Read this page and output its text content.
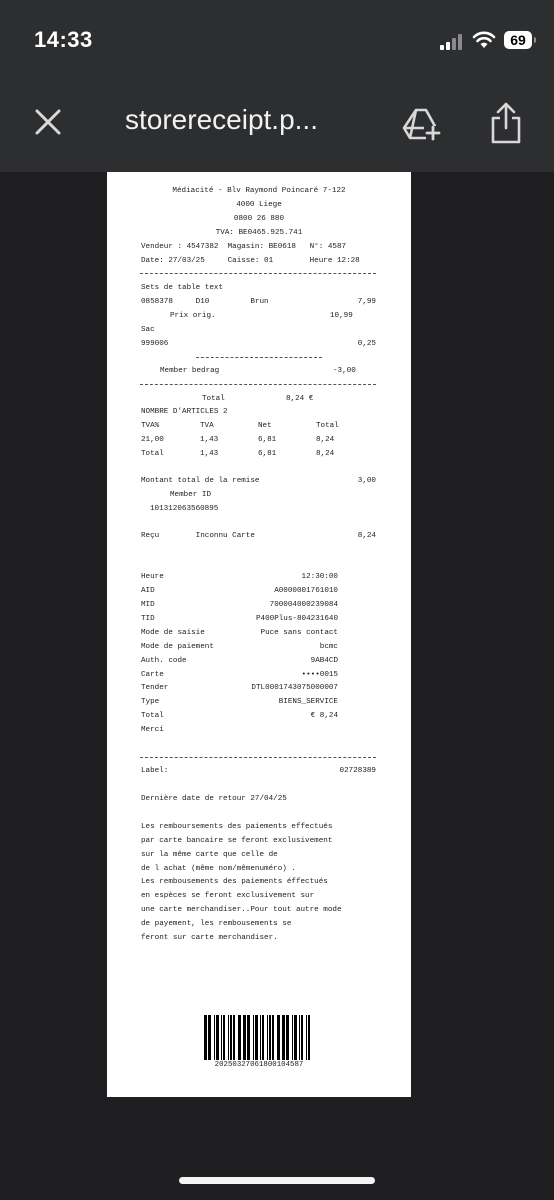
14:33	69
storereceipt.p...
Médiacité - Blv Raymond Poincaré 7-122
4000 Liege
0800 26 880
TVA: BE0465.925.741
Vendeur : 4547382  Magasin: BE0618   N°: 4587
Date: 27/03/25     Caisse: 01        Heure 12:28
Sets de table text
0858378     D10         Brun	7,99
Prix orig.	10,99
Sac
999006	0,25
Member bedrag	-3,00
Total	8,24 €
NOMBRE D'ARTICLES 2
TVA%	TVA	Net	Total
21,00	1,43	6,81	8,24
Total	1,43	6,81	8,24
Montant total de la remise	3,00
Member ID
101312063560895
Reçu        Inconnu Carte	8,24
Heure	12:30:00
AID	A0000001761010
MID	700004000239084
TID	P400Plus-804231640
Mode de saisie	Puce sans contact
Mode de paiement	bcmc
Auth. code	9AB4CD
Carte	••••0015
Tender	DTL0001743075000007
Type	BIENS_SERVICE
Total	€ 8,24
Merci
Label:	02728389
Dernière date de retour 27/04/25
Les remboursements des paiements effectués
par carte bancaire se feront exclusivement
sur la même carte que celle de
de l achat (même nom/mêmenuméro) .
Les rembousements des paiements éffectués
en espèces se feront exclusivement sur
une carte merchandiser..Pour tout autre mode
de payement, les rembousements se
feront sur carte merchandiser.
20250327061800104587
